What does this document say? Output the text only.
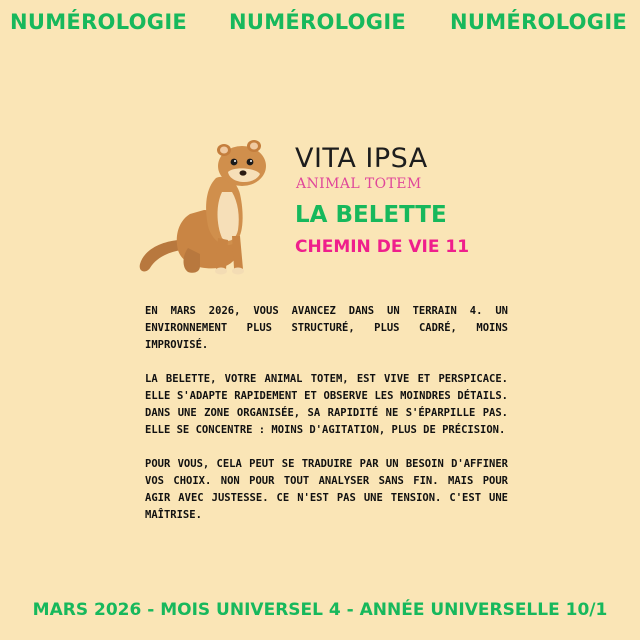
NUMÉROLOGIE NUMÉROLOGIE NUMÉROLOGIE
VITA IPSA
ANIMAL TOTEM
LA BELETTE
CHEMIN DE VIE 11

EN MARS 2026, VOUS AVANCEZ DANS UN TERRAIN 4. UN ENVIRONNEMENT PLUS STRUCTURÉ, PLUS CADRÉ, MOINS IMPROVISÉ.

LA BELETTE, VOTRE ANIMAL TOTEM, EST VIVE ET PERSPICACE. ELLE S'ADAPTE RAPIDEMENT ET OBSERVE LES MOINDRES DÉTAILS. DANS UNE ZONE ORGANISÉE, SA RAPIDITÉ NE S'ÉPARPILLE PAS. ELLE SE CONCENTRE : MOINS D'AGITATION, PLUS DE PRÉCISION.

POUR VOUS, CELA PEUT SE TRADUIRE PAR UN BESOIN D'AFFINER VOS CHOIX. NON POUR TOUT ANALYSER SANS FIN. MAIS POUR AGIR AVEC JUSTESSE. CE N'EST PAS UNE TENSION. C'EST UNE MAÎTRISE.

MARS 2026 - MOIS UNIVERSEL 4 - ANNÉE UNIVERSELLE 10/1
